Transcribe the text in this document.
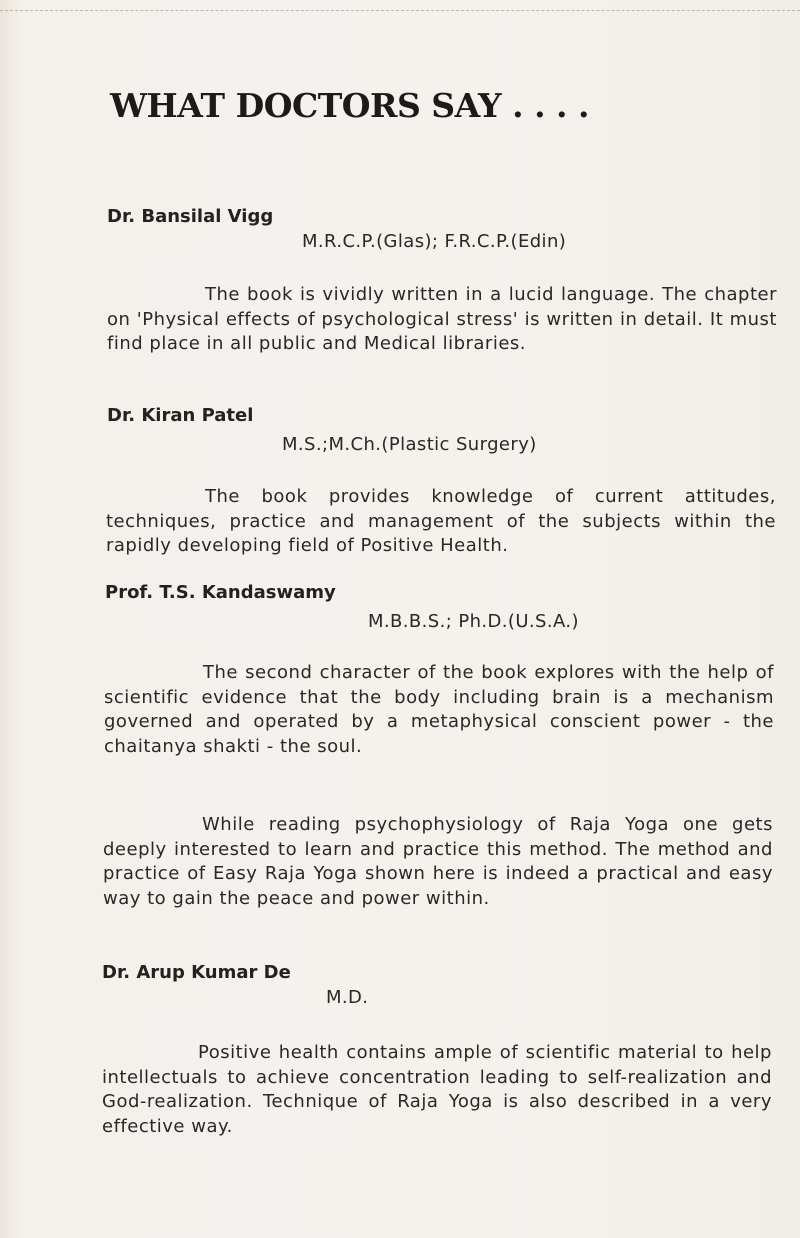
WHAT DOCTORS SAY . . . .

Dr. Bansilal Vigg

M.R.C.P.(Glas); F.R.C.P.(Edin)

The book is vividly written in a lucid language. The chapter on 'Physical effects of psychological stress' is written in detail. It must find place in all public and Medical libraries.

Dr. Kiran Patel

M.S.;M.Ch.(Plastic Surgery)

The book provides knowledge of current attitudes, techniques, practice and management of the subjects within the rapidly developing field of Positive Health.

Prof. T.S. Kandaswamy

M.B.B.S.; Ph.D.(U.S.A.)

The second character of the book explores with the help of scientific evidence that the body including brain is a mechanism governed and operated by a metaphysical conscient power - the chaitanya shakti - the soul.

While reading psychophysiology of Raja Yoga one gets deeply interested to learn and practice this method. The method and practice of Easy Raja Yoga shown here is indeed a practical and easy way to gain the peace and power within.

Dr. Arup Kumar De

M.D.

Positive health contains ample of scientific material to help intellectuals to achieve concentration leading to self-realization and God-realization. Technique of Raja Yoga is also described in a very effective way.
